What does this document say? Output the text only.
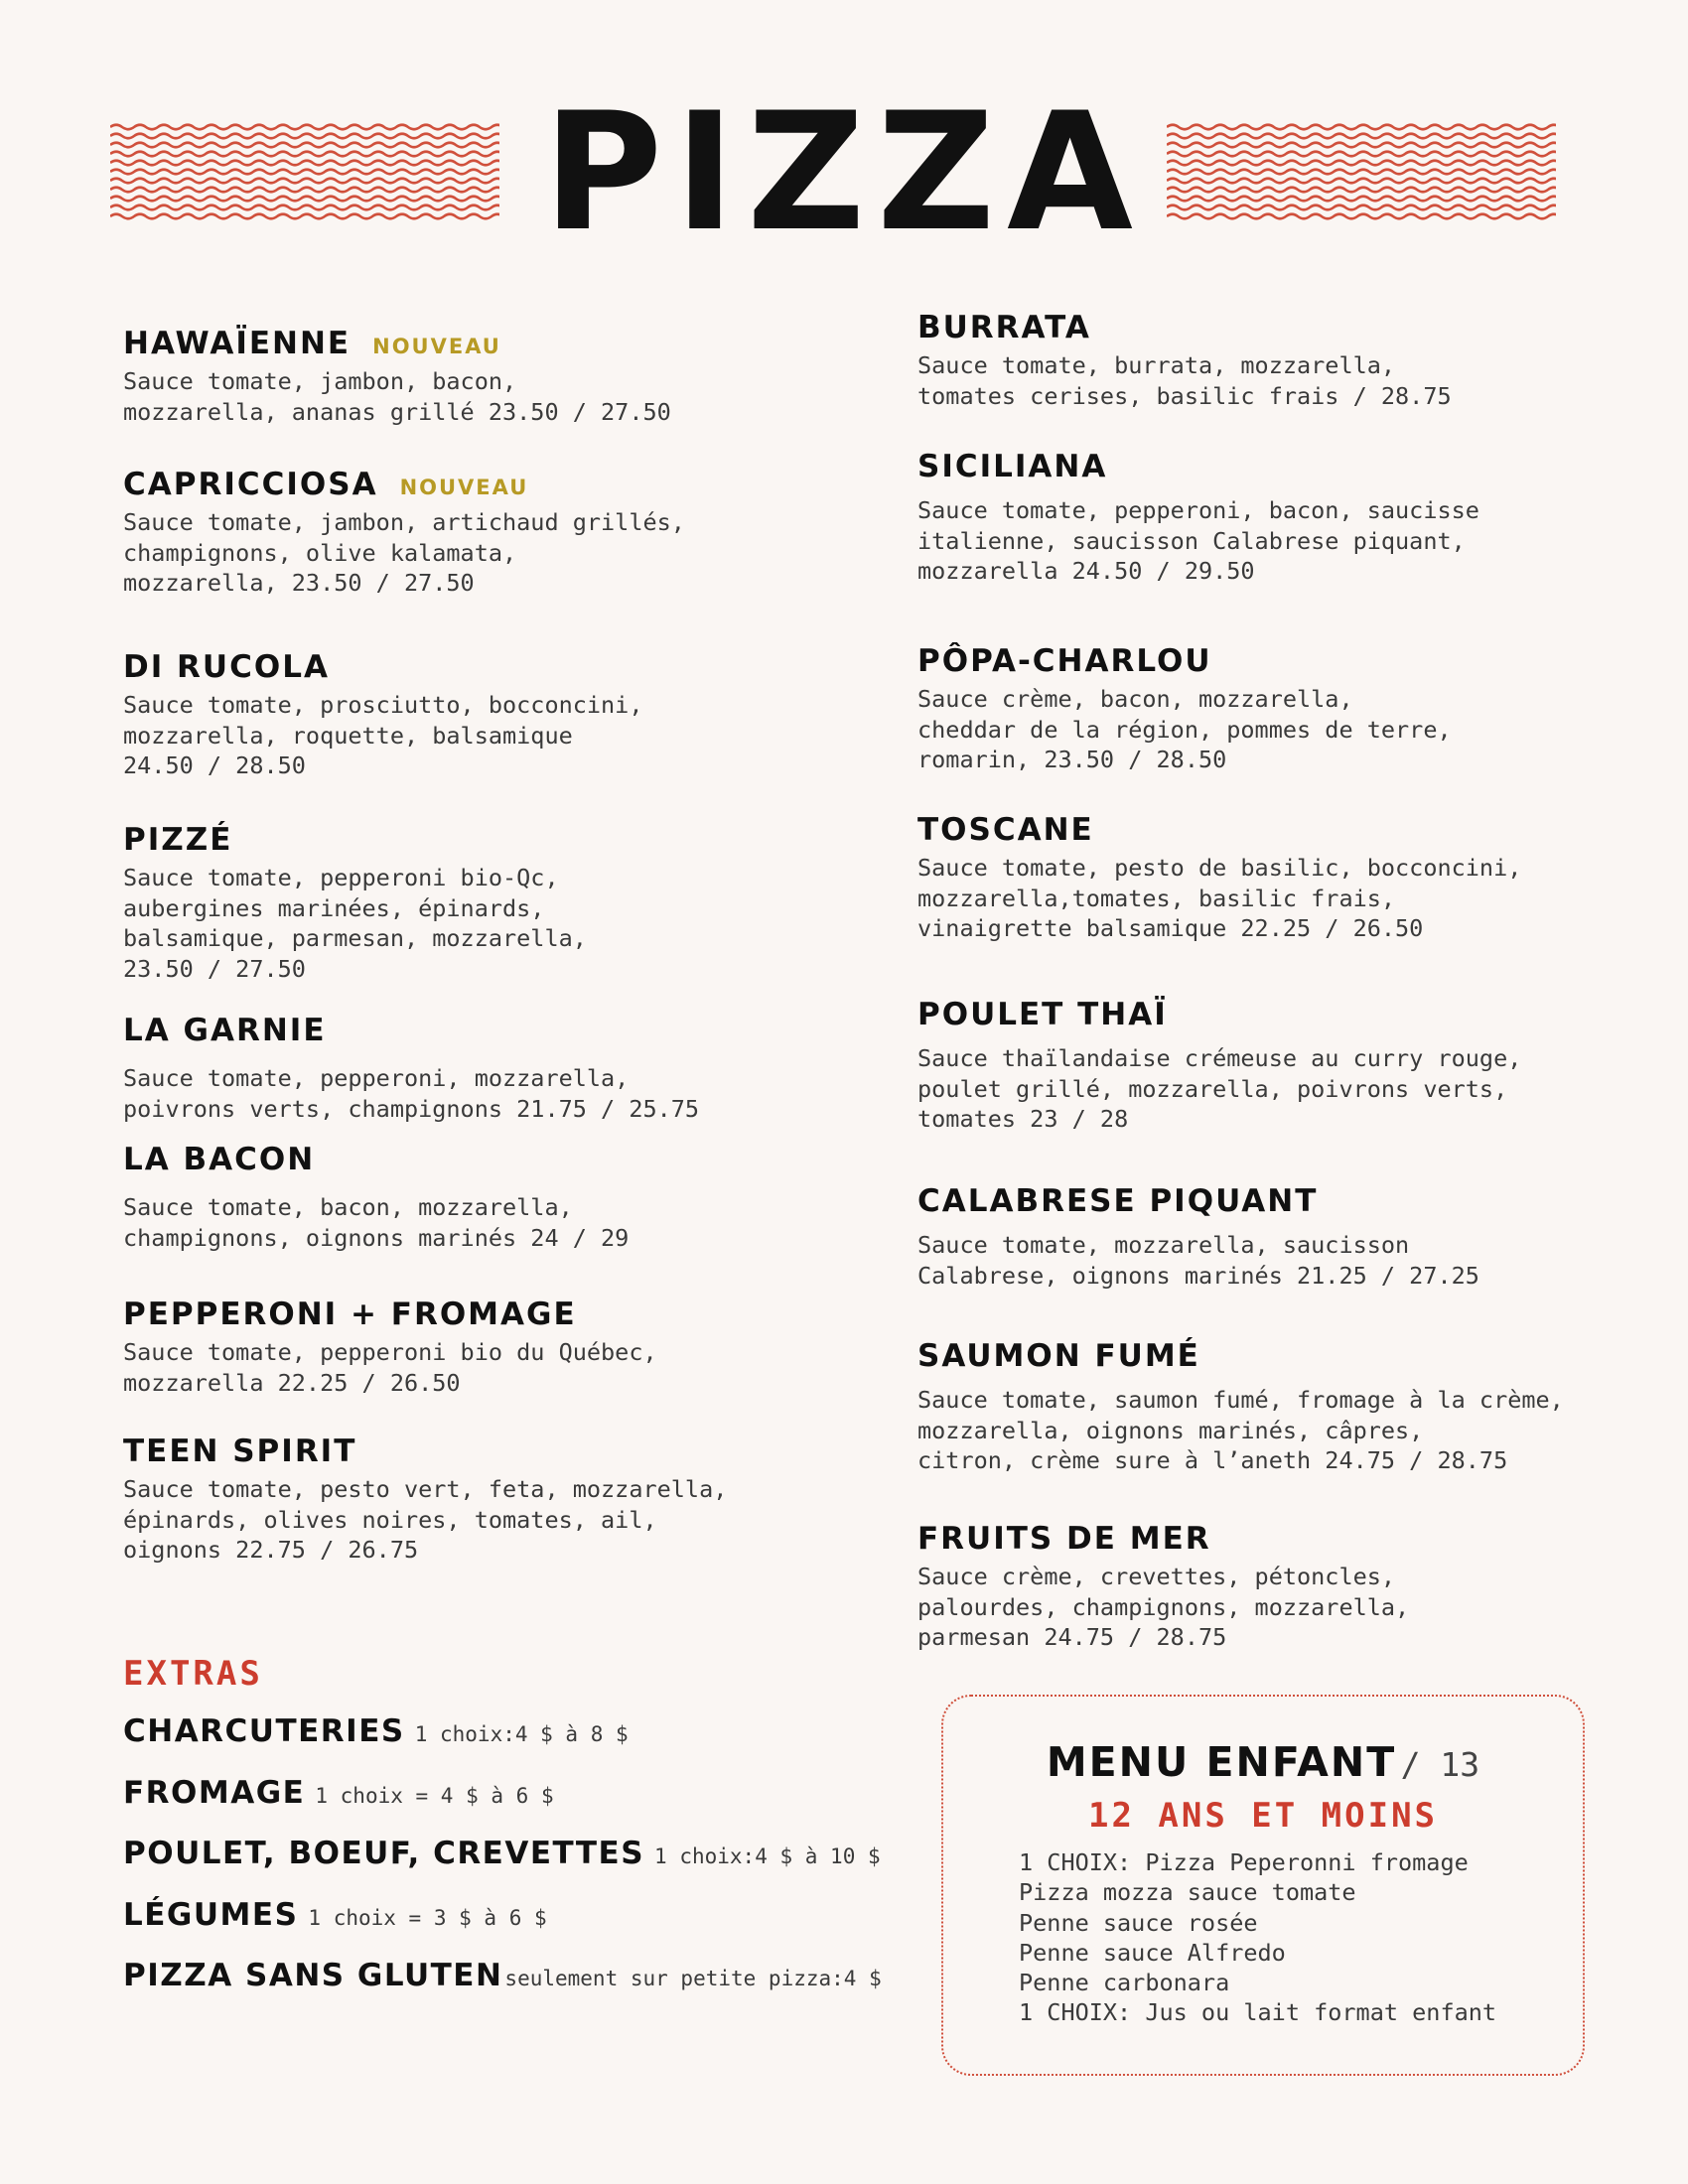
PIZZA
HAWAÏENNE NOUVEAU
Sauce tomate, jambon, bacon,
mozzarella, ananas grillé 23.50 / 27.50
CAPRICCIOSA NOUVEAU
Sauce tomate, jambon, artichaud grillés,
champignons, olive kalamata,
mozzarella, 23.50 / 27.50
DI RUCOLA
Sauce tomate, prosciutto, bocconcini,
mozzarella, roquette, balsamique
24.50 / 28.50
PIZZÉ
Sauce tomate, pepperoni bio-Qc,
aubergines marinées, épinards,
balsamique, parmesan, mozzarella,
23.50 / 27.50
LA GARNIE
Sauce tomate, pepperoni, mozzarella,
poivrons verts, champignons 21.75 / 25.75
LA BACON
Sauce tomate, bacon, mozzarella,
champignons, oignons marinés 24 / 29
PEPPERONI + FROMAGE
Sauce tomate, pepperoni bio du Québec,
mozzarella 22.25 / 26.50
TEEN SPIRIT
Sauce tomate, pesto vert, feta, mozzarella,
épinards, olives noires, tomates, ail,
oignons 22.75 / 26.75
BURRATA
Sauce tomate, burrata, mozzarella,
tomates cerises, basilic frais / 28.75
SICILIANA
Sauce tomate, pepperoni, bacon, saucisse
italienne, saucisson Calabrese piquant,
mozzarella 24.50 / 29.50
PÔPA-CHARLOU
Sauce crème, bacon, mozzarella,
cheddar de la région, pommes de terre,
romarin, 23.50 / 28.50
TOSCANE
Sauce tomate, pesto de basilic, bocconcini,
mozzarella,tomates, basilic frais,
vinaigrette balsamique 22.25 / 26.50
POULET THAÏ
Sauce thaïlandaise crémeuse au curry rouge,
poulet grillé, mozzarella, poivrons verts,
tomates 23 / 28
CALABRESE PIQUANT
Sauce tomate, mozzarella, saucisson
Calabrese, oignons marinés 21.25 / 27.25
SAUMON FUMÉ
Sauce tomate, saumon fumé, fromage à la crème,
mozzarella, oignons marinés, câpres,
citron, crème sure à l’aneth 24.75 / 28.75
FRUITS DE MER
Sauce crème, crevettes, pétoncles,
palourdes, champignons, mozzarella,
parmesan 24.75 / 28.75
EXTRAS
CHARCUTERIES 1 choix:4 $ à 8 $
FROMAGE 1 choix = 4 $ à 6 $
POULET, BOEUF, CREVETTES 1 choix:4 $ à 10 $
LÉGUMES 1 choix = 3 $ à 6 $
PIZZA SANS GLUTENseulement sur petite pizza:4 $
MENU ENFANT / 13
12 ANS ET MOINS
1 CHOIX: Pizza Peperonni fromage
Pizza mozza sauce tomate
Penne sauce rosée
Penne sauce Alfredo
Penne carbonara
1 CHOIX: Jus ou lait format enfant
